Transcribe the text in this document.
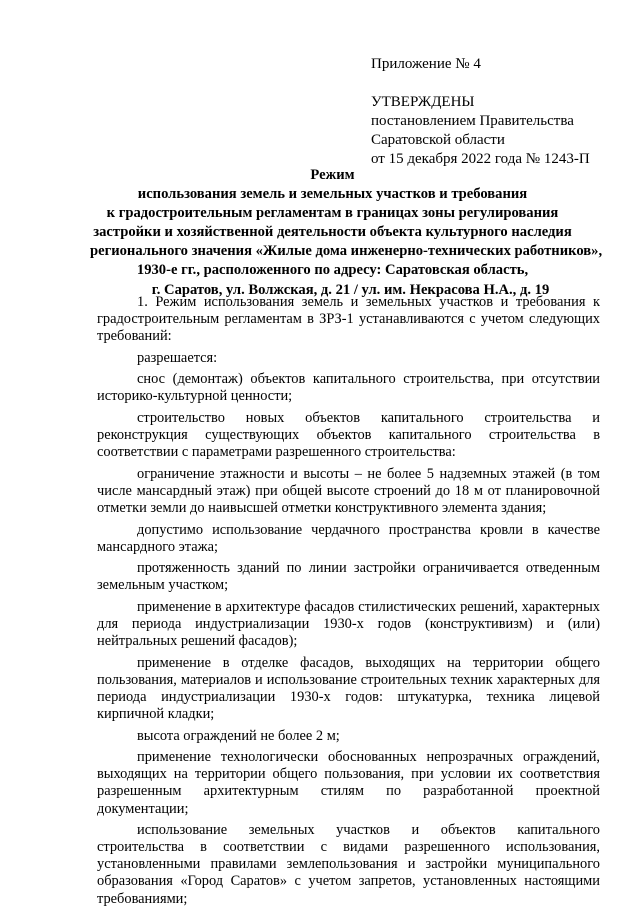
Приложение № 4
УТВЕРЖДЕНЫ
постановлением Правительства
Саратовской области
от 15 декабря 2022 года № 1243-П
Режим
использования земель и земельных участков и требования
к градостроительным регламентам в границах зоны регулирования
застройки и хозяйственной деятельности объекта культурного наследия
регионального значения «Жилые дома инженерно-технических работников»,
1930-е гг., расположенного по адресу: Саратовская область,
г. Саратов, ул. Волжская, д. 21 / ул. им. Некрасова Н.А., д. 19

1. Режим использования земель и земельных участков и требования к градостроительным регламентам в ЗРЗ-1 устанавливаются с учетом следующих требований:

разрешается:

снос (демонтаж) объектов капитального строительства, при отсутствии историко-культурной ценности;

строительство новых объектов капитального строительства и реконструкция существующих объектов капитального строительства в соответствии с параметрами разрешенного строительства:

ограничение этажности и высоты – не более 5 надземных этажей (в том числе мансардный этаж) при общей высоте строений до 18 м от планировочной отметки земли до наивысшей отметки конструктивного элемента здания;

допустимо использование чердачного пространства кровли в качестве мансардного этажа;

протяженность зданий по линии застройки ограничивается отведенным земельным участком;

применение в архитектуре фасадов стилистических решений, характерных для периода индустриализации 1930-х годов (конструктивизм) и (или) нейтральных решений фасадов);

применение в отделке фасадов, выходящих на территории общего пользования, материалов и использование строительных техник характерных для периода индустриализации 1930-х годов: штукатурка, техника лицевой кирпичной кладки;

высота ограждений не более 2 м;

применение технологически обоснованных непрозрачных ограждений, выходящих на территории общего пользования, при условии их соответствия разрешенным архитектурным стилям по разработанной проектной документации;

использование земельных участков и объектов капитального строительства в соответствии с видами разрешенного использования, установленными правилами землепользования и застройки муниципального образования «Город Саратов» с учетом запретов, установленных настоящими требованиями;
